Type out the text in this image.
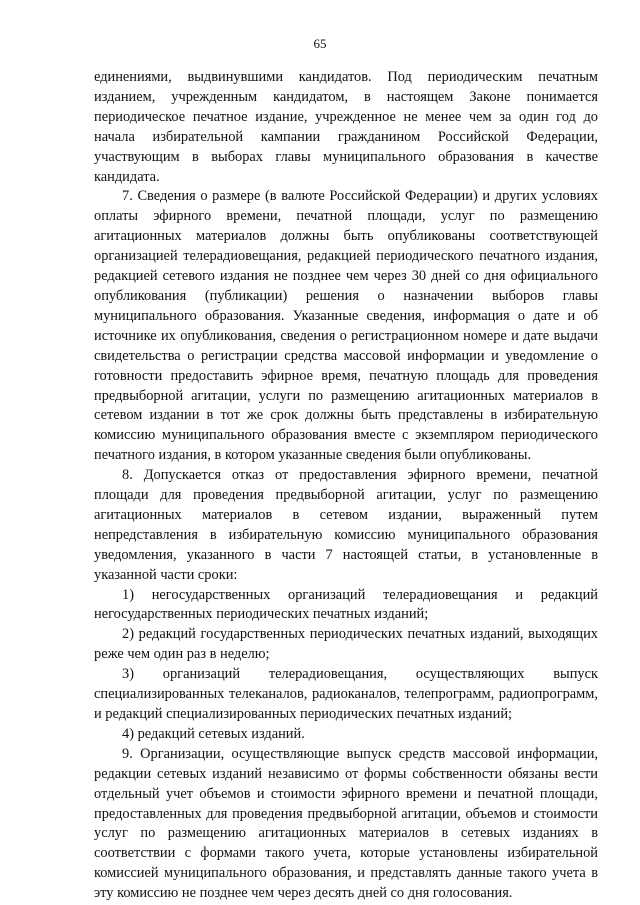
65

единениями, выдвинувшими кандидатов. Под периодическим печатным изданием, учрежденным кандидатом, в настоящем Законе понимается периодическое печатное издание, учрежденное не менее чем за один год до начала избирательной кампании гражданином Российской Федерации, участвующим в выборах главы муниципального образования в качестве кандидата.

7. Сведения о размере (в валюте Российской Федерации) и других условиях оплаты эфирного времени, печатной площади, услуг по размещению агитационных материалов должны быть опубликованы соответствующей организацией телерадиовещания, редакцией периодического печатного издания, редакцией сетевого издания не позднее чем через 30 дней со дня официального опубликования (публикации) решения о назначении выборов главы муниципального образования. Указанные сведения, информация о дате и об источнике их опубликования, сведения о регистрационном номере и дате выдачи свидетельства о регистрации средства массовой информации и уведомление о готовности предоставить эфирное время, печатную площадь для проведения предвыборной агитации, услуги по размещению агитационных материалов в сетевом издании в тот же срок должны быть представлены в избирательную комиссию муниципального образования вместе с экземпляром периодического печатного издания, в котором указанные сведения были опубликованы.

8. Допускается отказ от предоставления эфирного времени, печатной площади для проведения предвыборной агитации, услуг по размещению агитационных материалов в сетевом издании, выраженный путем непредставления в избирательную комиссию муниципального образования уведомления, указанного в части 7 настоящей статьи, в установленные в указанной части сроки:

1) негосударственных организаций телерадиовещания и редакций негосударственных периодических печатных изданий;

2) редакций государственных периодических печатных изданий, выходящих реже чем один раз в неделю;

3) организаций телерадиовещания, осуществляющих выпуск специализированных телеканалов, радиоканалов, телепрограмм, радиопрограмм, и редакций специализированных периодических печатных изданий;

4) редакций сетевых изданий.

9. Организации, осуществляющие выпуск средств массовой информации, редакции сетевых изданий независимо от формы собственности обязаны вести отдельный учет объемов и стоимости эфирного времени и печатной площади, предоставленных для проведения предвыборной агитации, объемов и стоимости услуг по размещению агитационных материалов в сетевых изданиях в соответствии с формами такого учета, которые установлены избирательной комиссией муниципального образования, и представлять данные такого учета в эту комиссию не позднее чем через десять дней со дня голосования.
